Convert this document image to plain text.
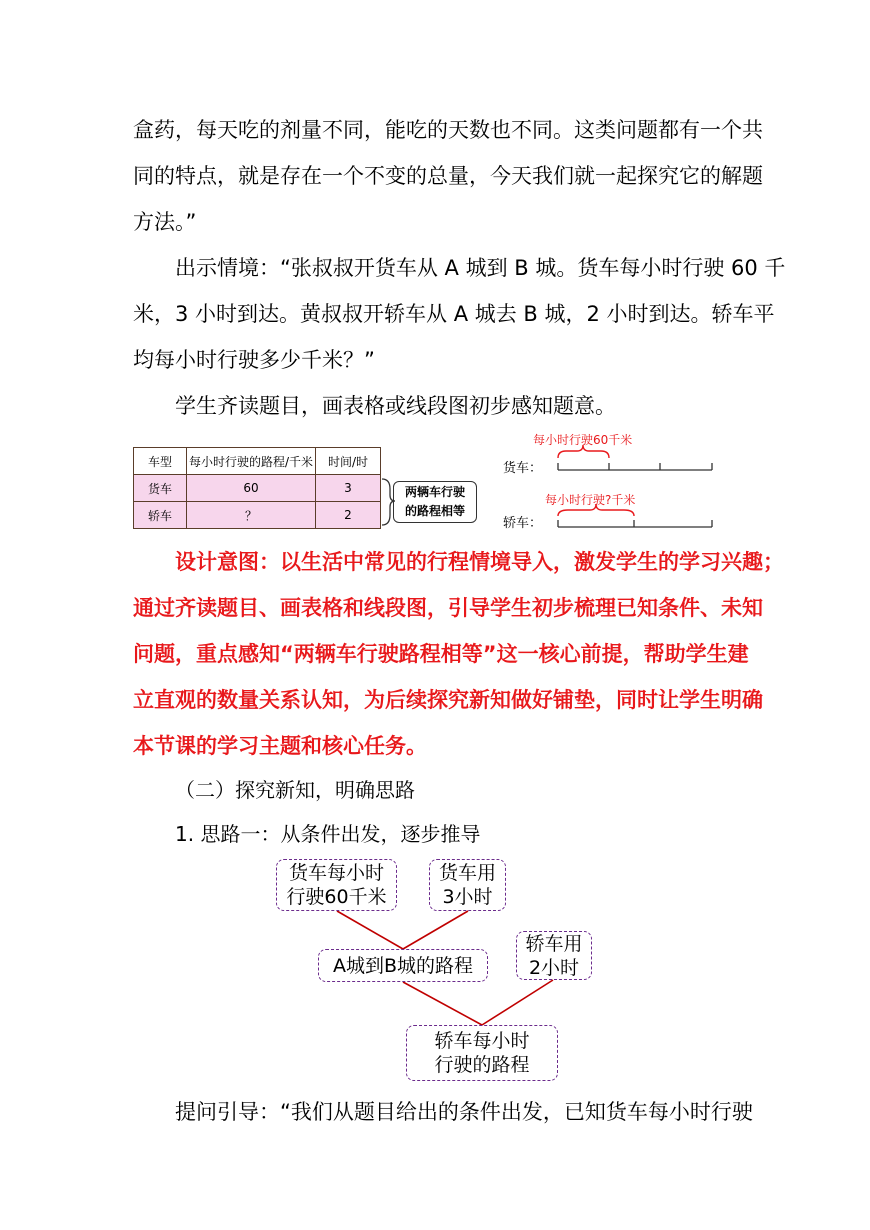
盒药，每天吃的剂量不同，能吃的天数也不同。这类问题都有一个共
同的特点，就是存在一个不变的总量，今天我们就一起探究它的解题
方法。”
出示情境：“张叔叔开货车从 A 城到 B 城。货车每小时行驶 60 千
米，3 小时到达。黄叔叔开轿车从 A 城去 B 城，2 小时到达。轿车平
均每小时行驶多少千米？”
学生齐读题目，画表格或线段图初步感知题意。
车型	每小时行驶的路程/千米	时间/时
货车	60	3
轿车	？	2
两辆车行驶
的路程相等
每小时行驶60千米
货车：
每小时行驶?千米
轿车：
设计意图：以生活中常见的行程情境导入，激发学生的学习兴趣；
通过齐读题目、画表格和线段图，引导学生初步梳理已知条件、未知
问题，重点感知“两辆车行驶路程相等”这一核心前提，帮助学生建
立直观的数量关系认知，为后续探究新知做好铺垫，同时让学生明确
本节课的学习主题和核心任务。
（二）探究新知，明确思路
1. 思路一：从条件出发，逐步推导
货车每小时
行驶60千米
货车用
3小时
A城到B城的路程
轿车用
2小时
轿车每小时
行驶的路程
提问引导：“我们从题目给出的条件出发，已知货车每小时行驶
